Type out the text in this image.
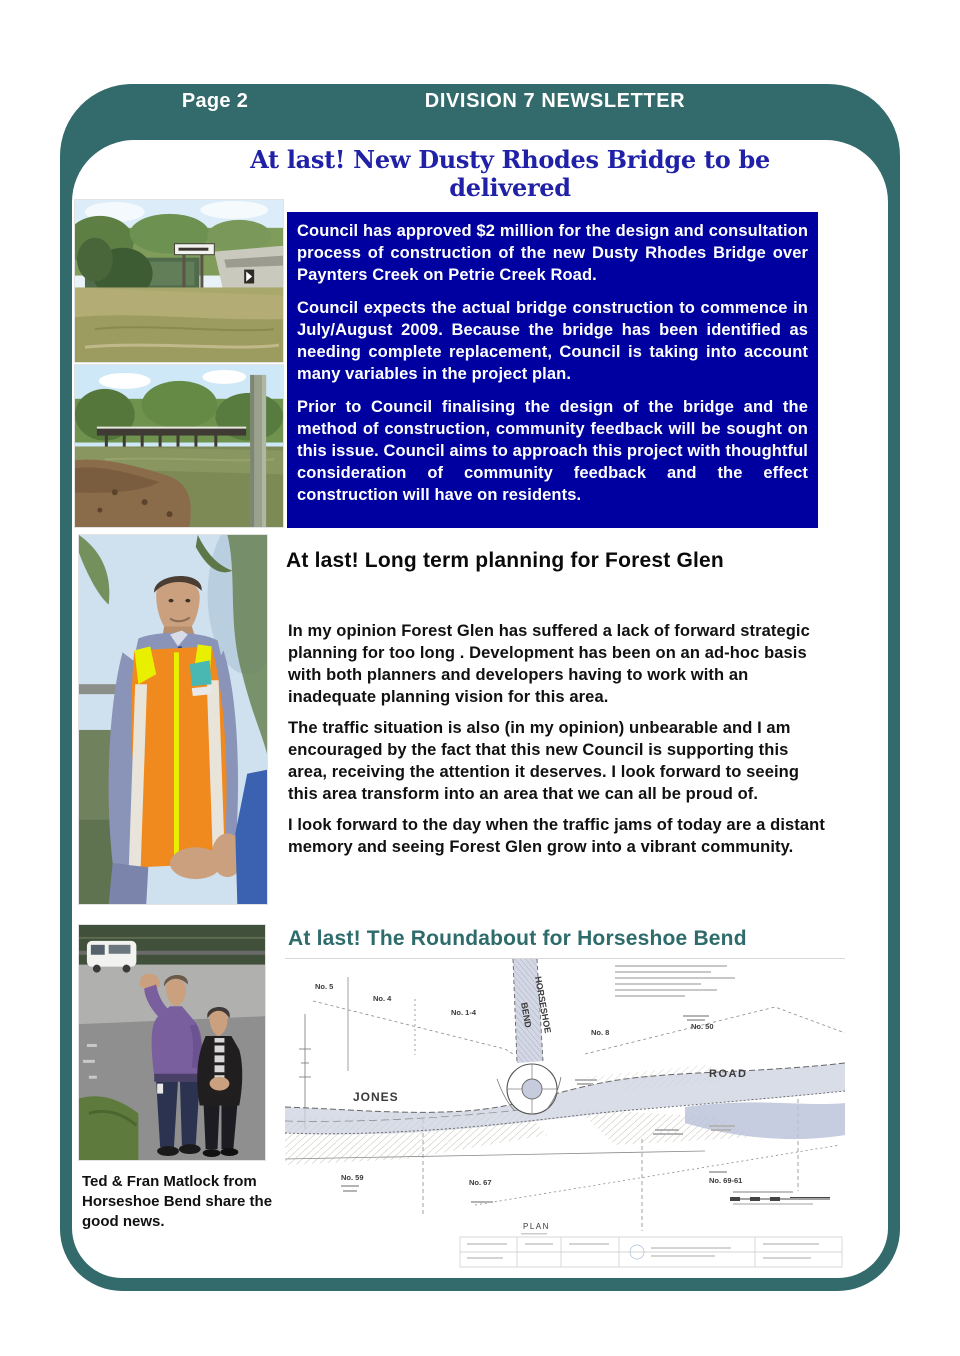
Page 2	DIVISION 7 NEWSLETTER
At last! New Dusty Rhodes Bridge to be delivered

Council has approved $2 million for the design and consultation process of construction of the new Dusty Rhodes Bridge over Paynters Creek on Petrie Creek Road.

Council expects the actual bridge construction to commence in July/August 2009. Because the bridge has been identified as needing complete replacement, Council is taking into account many variables in the project plan.

Prior to Council finalising the design of the bridge and the method of construction, community feedback will be sought on this issue. Council aims to approach this project with thoughtful consideration of community feedback and the effect construction will have on residents.

At last! Long term planning for Forest Glen

In my opinion Forest Glen has suffered a lack of forward strategic planning for too long . Development has been on an ad-hoc basis with both planners and developers having to work with an inadequate planning vision for this area.

The traffic situation is also (in my opinion) unbearable and I am encouraged by the fact that this new Council is supporting this area, receiving the attention it deserves. I look forward to seeing this area transform into an area that we can all be proud of.

I look forward to the day when the traffic jams of today are a distant memory and seeing Forest Glen grow into a vibrant community.

At last! The Roundabout for Horseshoe Bend
Ted & Fran Matlock from Horseshoe Bend share the good news.
No. 5
No. 4
No. 1-4
No. 8
No. 50
No. 59
No. 67	No. 69-61
HORSESHOE
BEND
ROAD
JONES
PLAN
